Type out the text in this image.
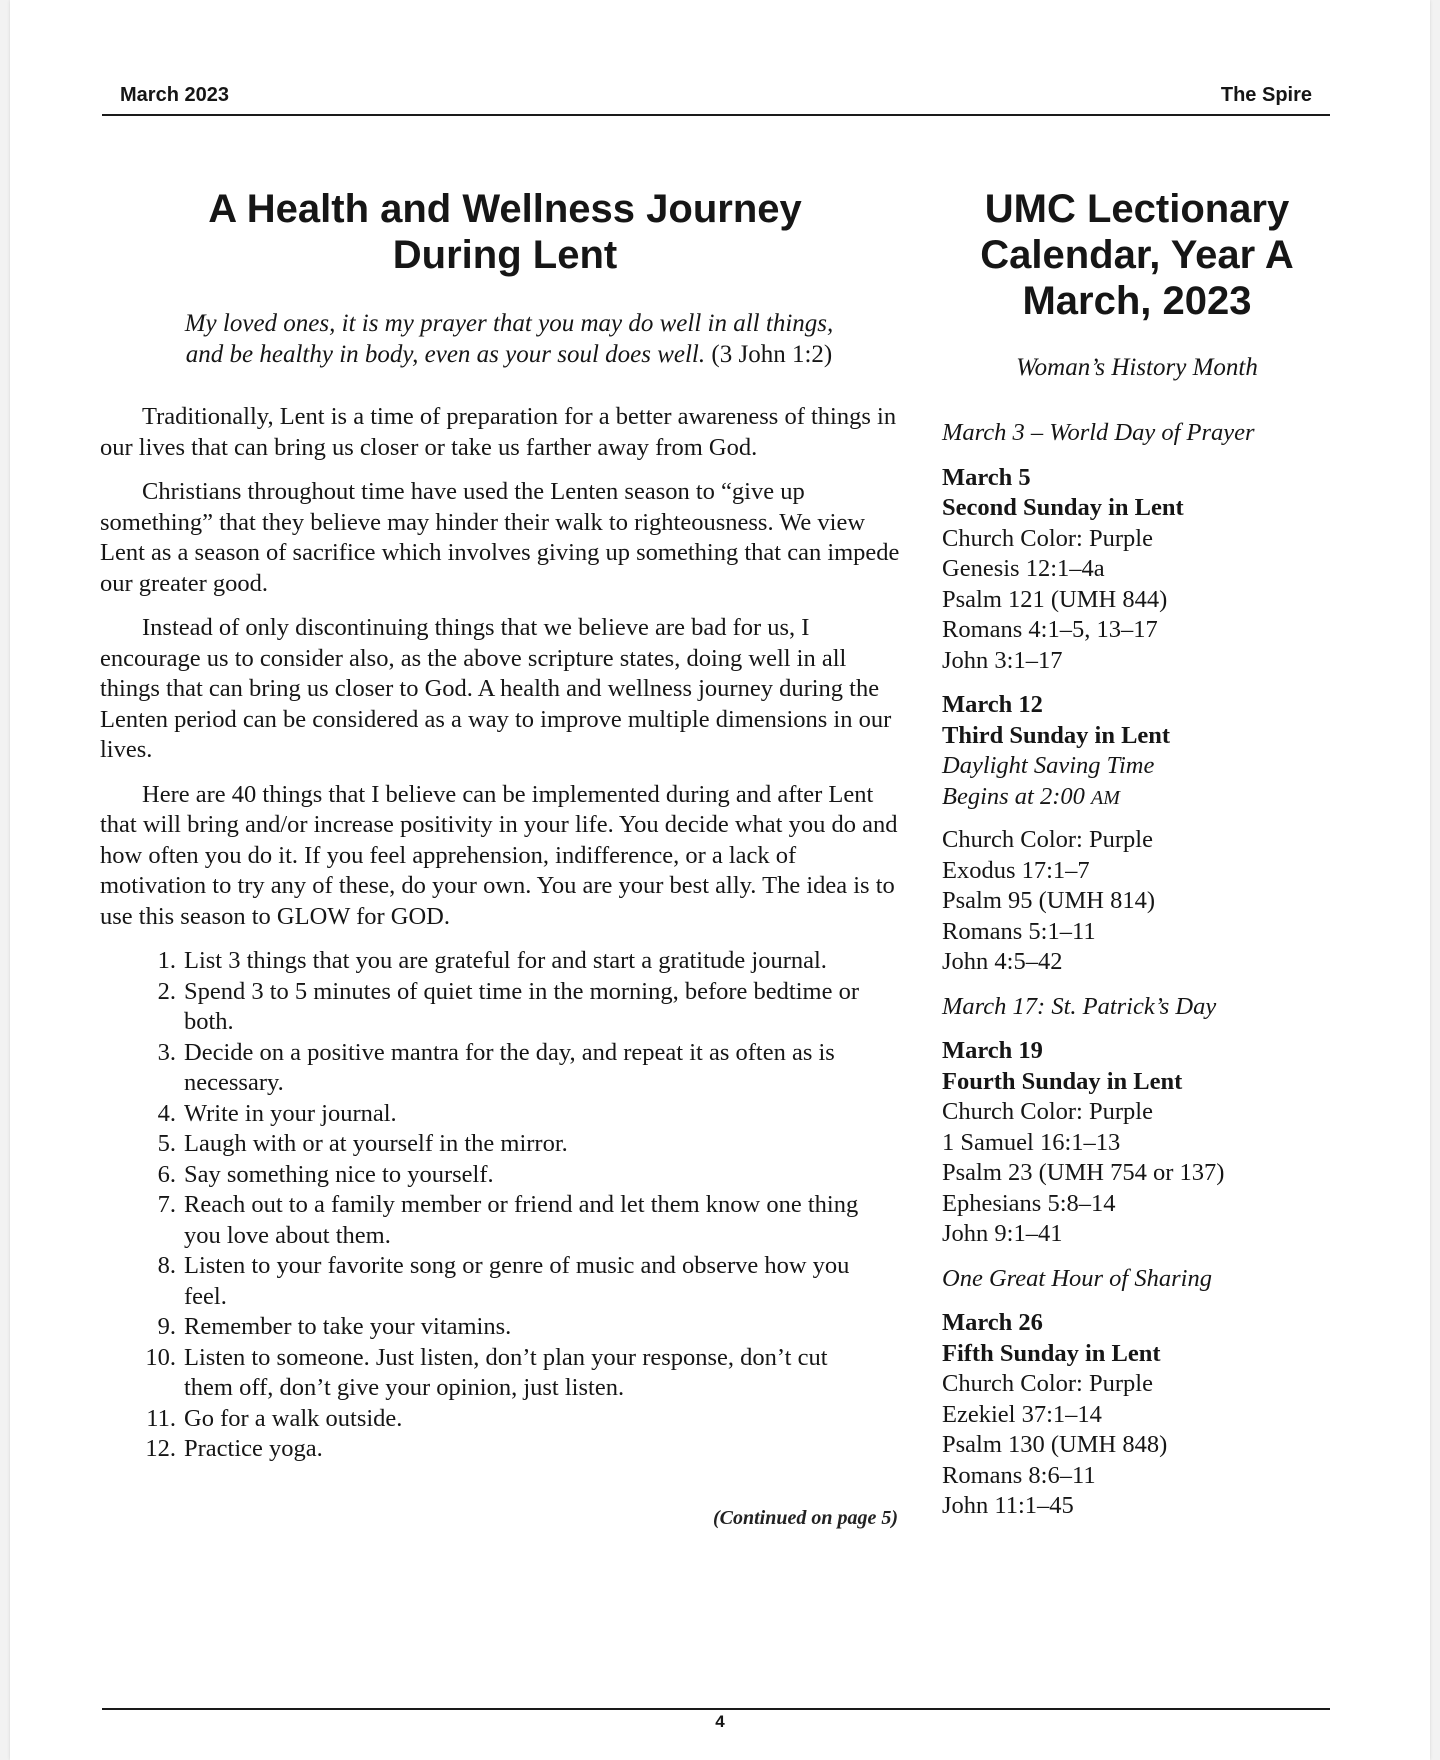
March 2023	The Spire
A Health and Wellness Journey
During Lent
My loved ones, it is my prayer that you may do well in all things,
and be healthy in body, even as your soul does well. (3 John 1:2)

Traditionally, Lent is a time of preparation for a better awareness of things in our lives that can bring us closer or take us farther away from God.

Christians throughout time have used the Lenten season to “give up something” that they believe may hinder their walk to righteousness. We view Lent as a season of sacrifice which involves giving up something that can impede our greater good.

Instead of only discontinuing things that we believe are bad for us, I encourage us to consider also, as the above scripture states, doing well in all things that can bring us closer to God. A health and wellness journey during the Lenten period can be considered as a way to improve multiple dimensions in our lives.

Here are 40 things that I believe can be implemented during and after Lent that will bring and/or increase positivity in your life. You decide what you do and how often you do it. If you feel apprehension, indifference, or a lack of motivation to try any of these, do your own. You are your best ally. The idea is to use this season to GLOW for GOD.

1. List 3 things that you are grateful for and start a gratitude journal.
2. Spend 3 to 5 minutes of quiet time in the morning, before bedtime or both.
3. Decide on a positive mantra for the day, and repeat it as often as is necessary.
4. Write in your journal.
5. Laugh with or at yourself in the mirror.
6. Say something nice to yourself.
7. Reach out to a family member or friend and let them know one thing you love about them.
8. Listen to your favorite song or genre of music and observe how you feel.
9. Remember to take your vitamins.
10. Listen to someone. Just listen, don’t plan your response, don’t cut them off, don’t give your opinion, just listen.
11. Go for a walk outside.
12. Practice yoga.
(Continued on page 5)
UMC Lectionary
Calendar, Year A
March, 2023
Woman’s History Month
March 3 – World Day of Prayer
March 5
Second Sunday in Lent
Church Color: Purple
Genesis 12:1–4a
Psalm 121 (UMH 844)
Romans 4:1–5, 13–17
John 3:1–17
March 12
Third Sunday in Lent
Daylight Saving Time
Begins at 2:00 AM
Church Color: Purple
Exodus 17:1–7
Psalm 95 (UMH 814)
Romans 5:1–11
John 4:5–42
March 17: St. Patrick’s Day
March 19
Fourth Sunday in Lent
Church Color: Purple
1 Samuel 16:1–13
Psalm 23 (UMH 754 or 137)
Ephesians 5:8–14
John 9:1–41
One Great Hour of Sharing
March 26
Fifth Sunday in Lent
Church Color: Purple
Ezekiel 37:1–14
Psalm 130 (UMH 848)
Romans 8:6–11
John 11:1–45
4
